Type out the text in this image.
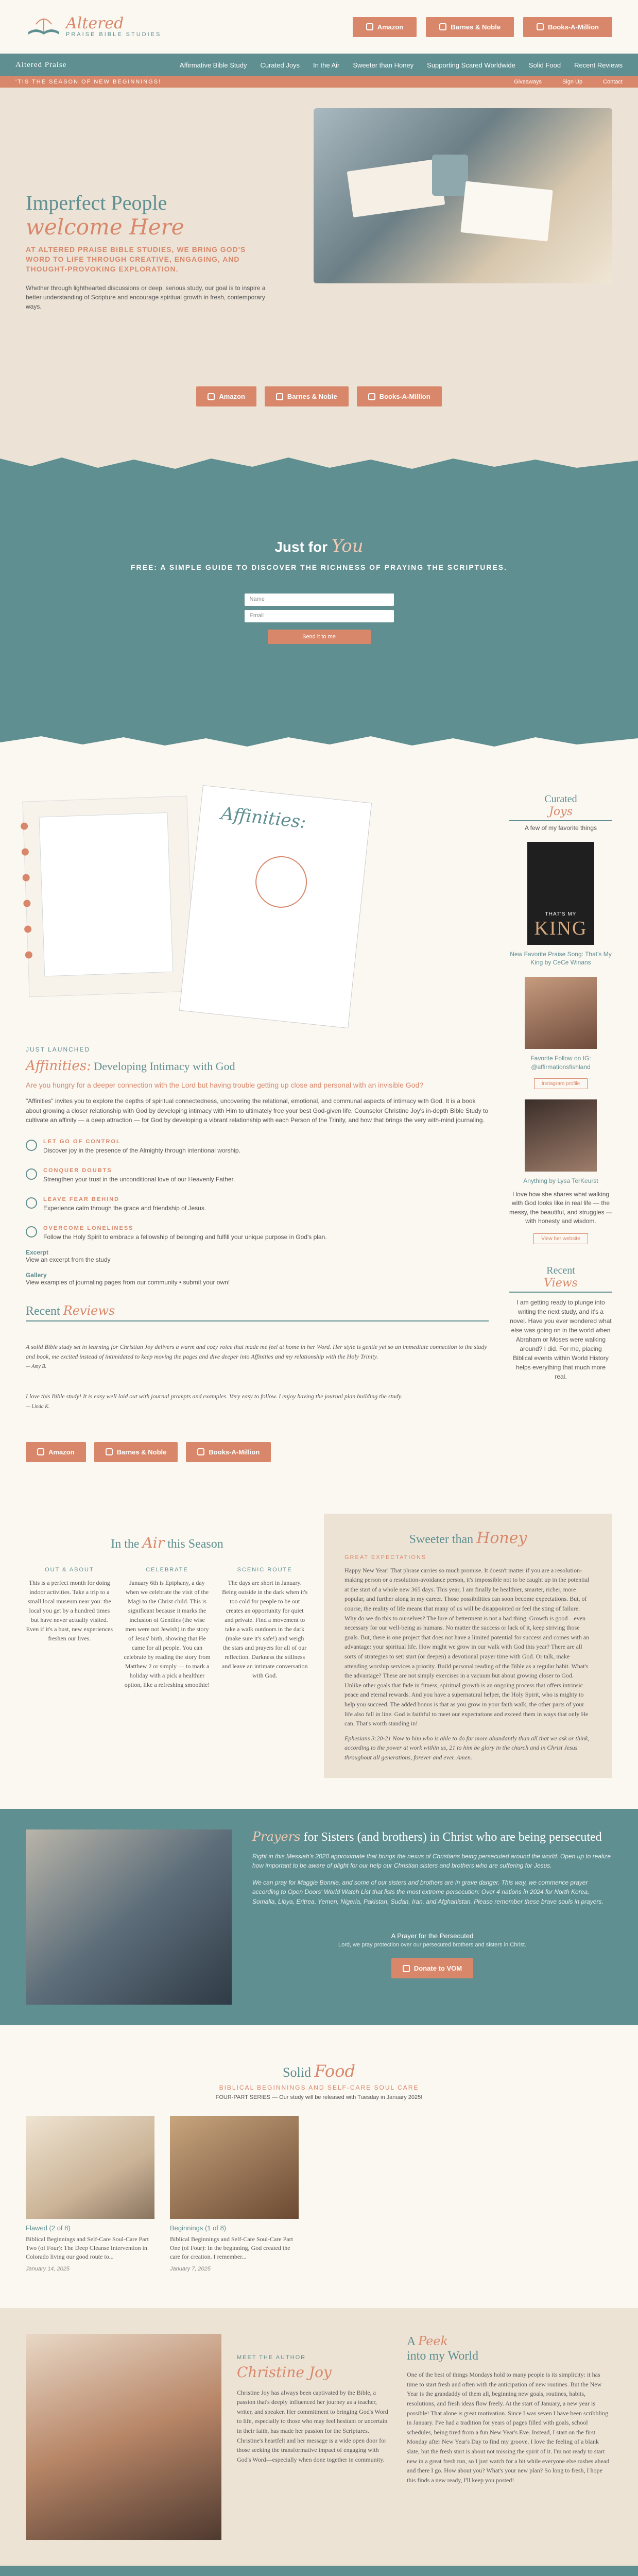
Altered
PRAISE BIBLE STUDIES
Amazon	Barnes & Noble	Books-A-Million
Altered Praise	Affirmative Bible Study Curated Joys In the Air Sweeter than Honey Supporting Scared Worldwide Solid Food Recent Reviews
'TIS THE SEASON OF NEW BEGINNINGS!	Giveaways	Sign Up	Contact
Imperfect People
welcome Here
AT ALTERED PRAISE BIBLE STUDIES, WE BRING GOD'S WORD TO LIFE THROUGH CREATIVE, ENGAGING, AND THOUGHT-PROVOKING EXPLORATION.
Whether through lighthearted discussions or deep, serious study, our goal is to inspire a better understanding of Scripture and encourage spiritual growth in fresh, contemporary ways.
Amazon	Barnes & Noble	Books-A-Million
Just for You

FREE: A SIMPLE GUIDE TO DISCOVER THE RICHNESS OF PRAYING THE SCRIPTURES.

Name
Email
Send it to me
Affinities:
JUST LAUNCHED
Affinities: Developing Intimacy with God
Are you hungry for a deeper connection with the Lord but having trouble getting up close and personal with an invisible God?
"Affinities" invites you to explore the depths of spiritual connectedness, uncovering the relational, emotional, and communal aspects of intimacy with God. It is a book about growing a closer relationship with God by developing intimacy with Him to ultimately free your best God-given life. Counselor Christine Joy's in-depth Bible Study to cultivate an affinity — a deep attraction — for God by developing a vibrant relationship with each Person of the Trinity, and how that brings the very with-mind journaling.
LET GO OF CONTROL
Discover joy in the presence of the Almighty through intentional worship.
CONQUER DOUBTS
Strengthen your trust in the unconditional love of our Heavenly Father.
LEAVE FEAR BEHIND
Experience calm through the grace and friendship of Jesus.
OVERCOME LONELINESS
Follow the Holy Spirit to embrace a fellowship of belonging and fulfill your unique purpose in God's plan.
Excerpt
View an excerpt from the study
Gallery
View examples of journaling pages from our community • submit your own!
Recent Reviews
A solid Bible study set in learning for Christian Joy delivers a warm and cozy voice that made me feel at home in her Word. Her style is gentle yet so an immediate connection to the study and book, me excited instead of intimidated to keep moving the pages and dive deeper into Affinities and my relationship with the Holy Trinity.
— Amy B.
I love this Bible study! It is easy well laid out with journal prompts and examples. Very easy to follow. I enjoy having the journal plan building the study.
— Linda K.
Amazon	Barnes & Noble	Books-A-Million
Curated
Joys
A few of my favorite things
THAT'S MY
KING
New Favorite Praise Song: That's My King by CeCe Winans
Favorite Follow on IG: @affirmationsfishland
Instagram profile
Anything by Lysa TerKeurst
I love how she shares what walking with God looks like in real life — the messy, the beautiful, and struggles — with honesty and wisdom.
View her website
Recent
Views

I am getting ready to plunge into writing the next study, and it's a novel. Have you ever wondered what else was going on in the world when Abraham or Moses were walking around? I did. For me, placing Biblical events within World History helps everything that much more real.

In the Air this Season
OUT & ABOUT

This is a perfect month for doing indoor activities. Take a trip to a small local museum near you: the local you get by a hundred times but have never actually visited. Even if it's a bust, new experiences freshen our lives.

CELEBRATE

January 6th is Epiphany, a day when we celebrate the visit of the Magi to the Christ child. This is significant because it marks the inclusion of Gentiles (the wise men were not Jewish) in the story of Jesus' birth, showing that He came for all people. You can celebrate by reading the story from Matthew 2 or simply — to mark a holiday with a pick a healthier option, like a refreshing smoothie!

SCENIC ROUTE

The days are short in January. Being outside in the dark when it's too cold for people to be out creates an opportunity for quiet and private. Find a movement to take a walk outdoors in the dark (make sure it's safe!) and weigh the stars and prayers for all of our reflection. Darkness the stillness and leave an intimate conversation with God.

Sweeter than Honey
GREAT EXPECTATIONS

Happy New Year! That phrase carries so much promise. It doesn't matter if you are a resolution-making person or a resolution-avoidance person, it's impossible not to be caught up in the potential at the start of a whole new 365 days. This year, I am finally be healthier, smarter, richer, more popular, and further along in my career. Those possibilities can soon become expectations. But, of course, the reality of life means that many of us will be disappointed or feel the sting of failure. Why do we do this to ourselves? The lure of betterment is not a bad thing. Growth is good—even necessary for our well-being as humans. No matter the success or lack of it, keep striving those goals. But, there is one project that does not have a limited potential for success and comes with an advantage: your spiritual life. How might we grow in our walk with God this year? There are all sorts of strategies to set: start (or deepen) a devotional prayer time with God. Or talk, make attending worship services a priority. Build personal reading of the Bible as a regular habit. What's the advantage? These are not simply exercises in a vacuum but about growing closer to God. Unlike other goals that fade in fitness, spiritual growth is an ongoing process that offers intrinsic peace and eternal rewards. And you have a supernatural helper, the Holy Spirit, who is mighty to help you succeed. The added bonus is that as you grow in your faith walk, the other parts of your life also fall in line. God is faithful to meet our expectations and exceed them in ways that only He can. That's worth standing in!

Ephesians 3:20-21 Now to him who is able to do far more abundantly than all that we ask or think, according to the power at work within us, 21 to him be glory in the church and in Christ Jesus throughout all generations, forever and ever. Amen.

Prayers for Sisters (and brothers) in Christ who are being persecuted

Right in this Messiah's 2020 approximate that brings the nexus of Christians being persecuted around the world. Open up to realize how important to be aware of plight for our help our Christian sisters and brothers who are suffering for Jesus.

We can pray for Maggie Bonnie, and some of our sisters and brothers are in grave danger. This way, we commence prayer according to Open Doors' World Watch List that lists the most extreme persecution: Over 4 nations in 2024 for North Korea, Somalia, Libya, Eritrea, Yemen, Nigeria, Pakistan, Sudan, Iran, and Afghanistan. Please remember these brave souls in prayers.

A Prayer for the Persecuted
Lord, we pray protection over our persecuted brothers and sisters in Christ.
Donate to VOM
Solid Food
BIBLICAL BEGINNINGS AND SELF-CARE SOUL CARE
FOUR-PART SERIES — Our study will be released with Tuesday in January 2025!
Flawed (2 of 8)

Biblical Beginnings and Self-Care Soul-Care Part Two (of Four): The Deep Cleanse Intervention in Colorado living our good route to...

January 14, 2025
Beginnings (1 of 8)

Biblical Beginnings and Self-Care Soul-Care Part One (of Four): In the beginning, God created the care for creation. I remember...

January 7, 2025
MEET THE AUTHOR
Christine Joy

Christine Joy has always been captivated by the Bible, a passion that's deeply influenced her journey as a teacher, writer, and speaker. Her commitment to bringing God's Word to life, especially to those who may feel hesitant or uncertain in their faith, has made her passion for the Scriptures. Christine's heartfelt and her message is a wide open door for those seeking the transformative impact of engaging with God's Word—especially when done together in community.

A Peek
into my World

One of the best of things Mondays hold to many people is its simplicity: it has time to start fresh and often with the anticipation of new routines. But the New Year is the grandaddy of them all, beginning new goals, routines, habits, resolutions, and fresh ideas flow freely. At the start of January, a new year is possible! That alone is great motivation. Since I was seven I have been scribbling in January. I've had a tradition for years of pages filled with goals, school schedules, being tired from a fun New Year's Eve. Instead, I start on the first Monday after New Year's Day to find my groove. I love the feeling of a blank slate, but the fresh start is about not missing the spirit of it. I'm not ready to start new in a great fresh run, so I just watch for a bit while everyone else rushes ahead and there I go. How about you? What's your new plan? So long to fresh, I hope this finds a new ready, I'll keep you posted!
